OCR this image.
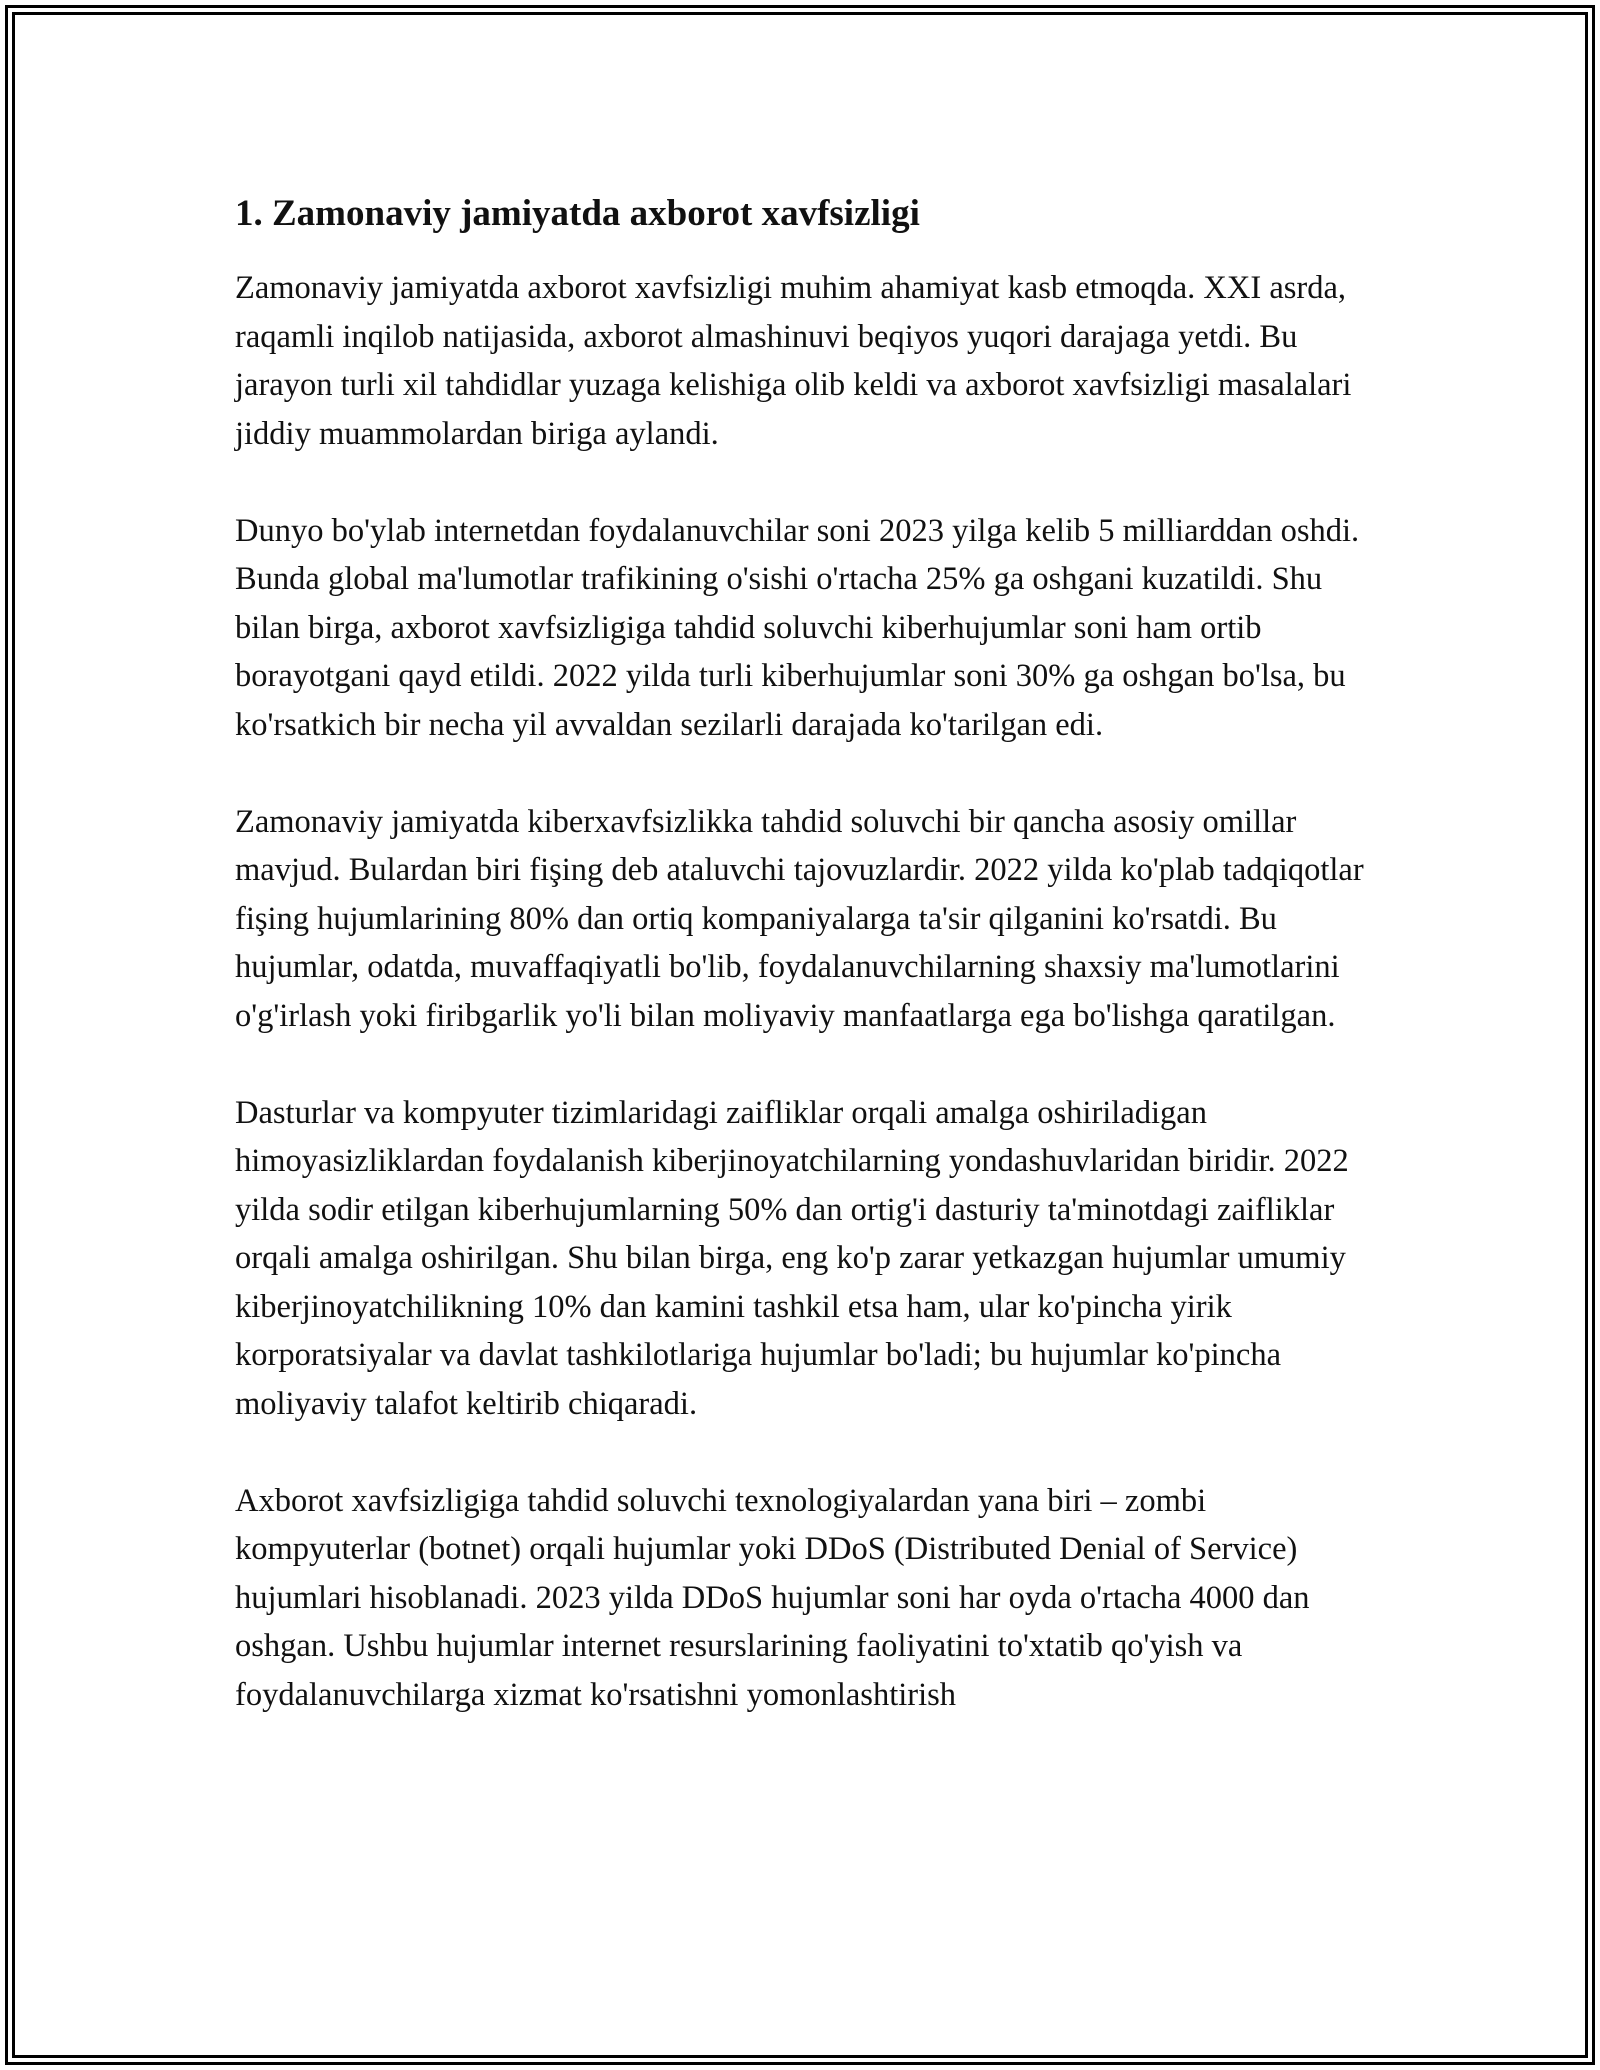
1. Zamonaviy jamiyatda axborot xavfsizligi

Zamonaviy jamiyatda axborot xavfsizligi muhim ahamiyat kasb etmoqda. XXI asrda, raqamli inqilob natijasida, axborot almashinuvi beqiyos yuqori darajaga yetdi. Bu jarayon turli xil tahdidlar yuzaga kelishiga olib keldi va axborot xavfsizligi masalalari jiddiy muammolardan biriga aylandi.

Dunyo bo'ylab internetdan foydalanuvchilar soni 2023 yilga kelib 5 milliarddan oshdi. Bunda global ma'lumotlar trafikining o'sishi o'rtacha 25% ga oshgani kuzatildi. Shu bilan birga, axborot xavfsizligiga tahdid soluvchi kiberhujumlar soni ham ortib borayotgani qayd etildi. 2022 yilda turli kiberhujumlar soni 30% ga oshgan bo'lsa, bu ko'rsatkich bir necha yil avvaldan sezilarli darajada ko'tarilgan edi.

Zamonaviy jamiyatda kiberxavfsizlikka tahdid soluvchi bir qancha asosiy omillar mavjud. Bulardan biri fişing deb ataluvchi tajovuzlardir. 2022 yilda ko'plab tadqiqotlar fişing hujumlarining 80% dan ortiq kompaniyalarga ta'sir qilganini ko'rsatdi. Bu hujumlar, odatda, muvaffaqiyatli bo'lib, foydalanuvchilarning shaxsiy ma'lumotlarini o'g'irlash yoki firibgarlik yo'li bilan moliyaviy manfaatlarga ega bo'lishga qaratilgan.

Dasturlar va kompyuter tizimlaridagi zaifliklar orqali amalga oshiriladigan himoyasizliklardan foydalanish kiberjinoyatchilarning yondashuvlaridan biridir. 2022 yilda sodir etilgan kiberhujumlarning 50% dan ortig'i dasturiy ta'minotdagi zaifliklar orqali amalga oshirilgan. Shu bilan birga, eng ko'p zarar yetkazgan hujumlar umumiy kiberjinoyatchilikning 10% dan kamini tashkil etsa ham, ular ko'pincha yirik korporatsiyalar va davlat tashkilotlariga hujumlar bo'ladi; bu hujumlar ko'pincha moliyaviy talafot keltirib chiqaradi.

Axborot xavfsizligiga tahdid soluvchi texnologiyalardan yana biri – zombi kompyuterlar (botnet) orqali hujumlar yoki DDoS (Distributed Denial of Service) hujumlari hisoblanadi. 2023 yilda DDoS hujumlar soni har oyda o'rtacha 4000 dan oshgan. Ushbu hujumlar internet resurslarining faoliyatini to'xtatib qo'yish va foydalanuvchilarga xizmat ko'rsatishni yomonlashtirish
